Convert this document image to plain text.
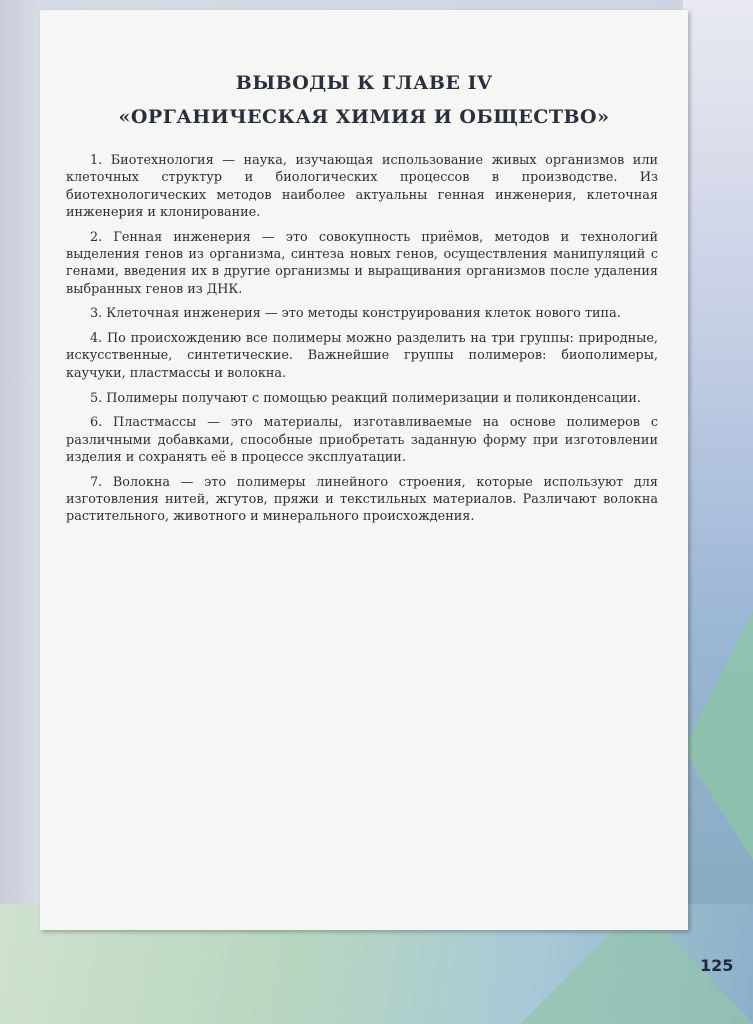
ВЫВОДЫ К ГЛАВЕ IV
«ОРГАНИЧЕСКАЯ ХИМИЯ И ОБЩЕСТВО»

1. Биотехнология — наука, изучающая использование живых организмов или клеточных структур и биологических процессов в производстве. Из биотехнологических методов наиболее актуальны генная инженерия, клеточная инженерия и клонирование.

2. Генная инженерия — это совокупность приёмов, методов и технологий выделения генов из организма, синтеза новых генов, осуществления манипуляций с генами, введения их в другие организмы и выращивания организмов после удаления выбранных генов из ДНК.

3. Клеточная инженерия — это методы конструирования клеток нового типа.

4. По происхождению все полимеры можно разделить на три группы: природные, искусственные, синтетические. Важнейшие группы полимеров: биополимеры, каучуки, пластмассы и волокна.

5. Полимеры получают с помощью реакций полимеризации и поликонденсации.

6. Пластмассы — это материалы, изготавливаемые на основе полимеров с различными добавками, способные приобретать заданную форму при изготовлении изделия и сохранять её в процессе эксплуатации.

7. Волокна — это полимеры линейного строения, которые используют для изготовления нитей, жгутов, пряжи и текстильных материалов. Различают волокна растительного, животного и минерального происхождения.

125
